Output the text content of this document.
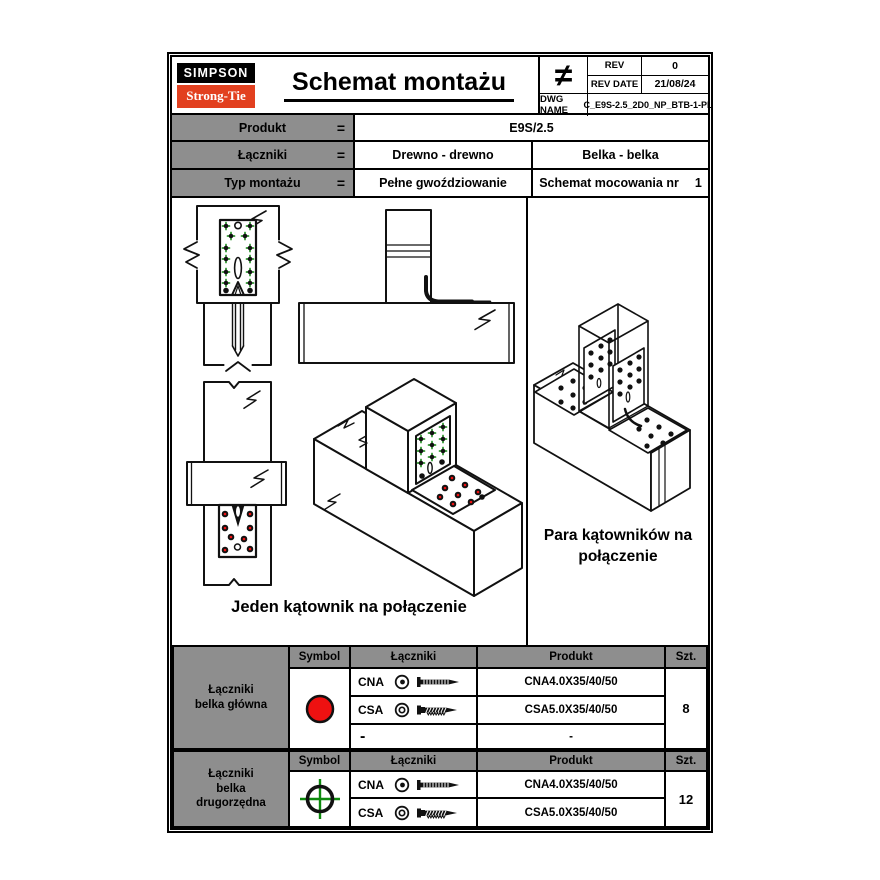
SIMPSON
Strong-Tie	Schemat montażu	≠	REV	0
REV DATE	21/08/24
DWG NAME	C_E9S-2.5_2D0_NP_BTB-1-PL
Produkt	=	E9S/2.5
Łączniki	=	Drewno - drewno	Belka - belka
Typ montażu	=	Pełne gwoździowanie	Schemat mocowania nr 1
Jeden kątownik na połączenie
Para kątowników na
połączenie
Łączniki
belka główna
Symbol	Łączniki	Produkt	Szt.
CNA	CNA4.0X35/40/50
CSA	CSA5.0X35/40/50
-	-
8
Łączniki
belka
drugorzędna
Symbol	Łączniki	Produkt	Szt.
CNA	CNA4.0X35/40/50
CSA	CSA5.0X35/40/50
12
